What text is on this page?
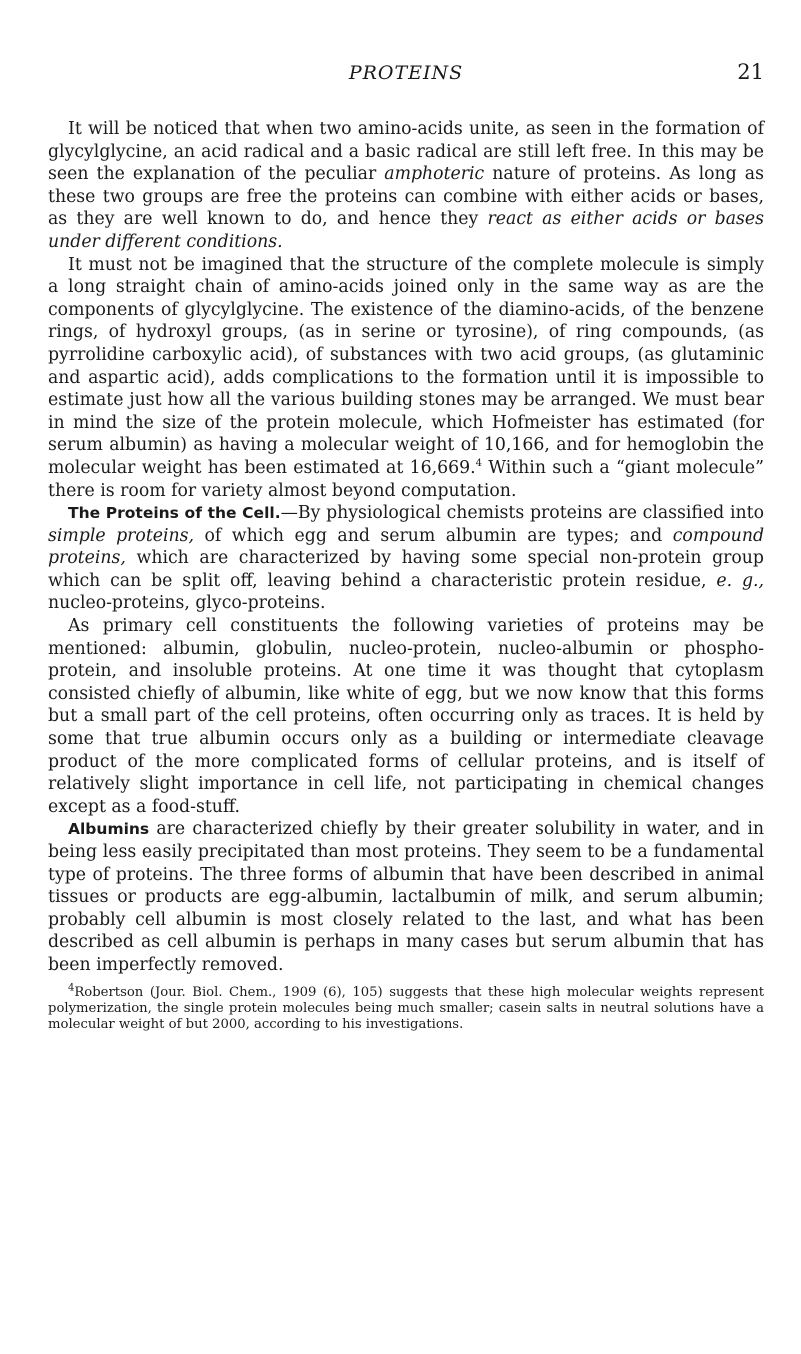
PROTEINS	21

It will be noticed that when two amino-acids unite, as seen in the formation of glycylglycine, an acid radical and a basic radical are still left free. In this may be seen the explanation of the peculiar amphoteric nature of proteins. As long as these two groups are free the proteins can combine with either acids or bases, as they are well known to do, and hence they react as either acids or bases under different conditions.

It must not be imagined that the structure of the complete molecule is simply a long straight chain of amino-acids joined only in the same way as are the components of glycylglycine. The existence of the diamino-acids, of the benzene rings, of hydroxyl groups, (as in serine or tyrosine), of ring compounds, (as pyrrolidine carboxylic acid), of substances with two acid groups, (as glutaminic and aspartic acid), adds complications to the formation until it is impossible to estimate just how all the various building stones may be arranged. We must bear in mind the size of the protein molecule, which Hofmeister has estimated (for serum albumin) as having a molecular weight of 10,166, and for hemoglobin the molecular weight has been estimated at 16,669.$^4$ Within such a “giant molecule” there is room for variety almost beyond computation.

The Proteins of the Cell.—By physiological chemists proteins are classified into simple proteins, of which egg and serum albumin are types; and compound proteins, which are characterized by having some special non-protein group which can be split off, leaving behind a characteristic protein residue, e. g., nucleo-proteins, glyco-proteins.

As primary cell constituents the following varieties of proteins may be mentioned: albumin, globulin, nucleo-protein, nucleo-albumin or phospho-protein, and insoluble proteins. At one time it was thought that cytoplasm consisted chiefly of albumin, like white of egg, but we now know that this forms but a small part of the cell proteins, often occurring only as traces. It is held by some that true albumin occurs only as a building or intermediate cleavage product of the more complicated forms of cellular proteins, and is itself of relatively slight importance in cell life, not participating in chemical changes except as a food-stuff.

Albumins are characterized chiefly by their greater solubility in water, and in being less easily precipitated than most proteins. They seem to be a fundamental type of proteins. The three forms of albumin that have been described in animal tissues or products are egg-albumin, lactalbumin of milk, and serum albumin; probably cell albumin is most closely related to the last, and what has been described as cell albumin is perhaps in many cases but serum albumin that has been imperfectly removed.

$^4$Robertson (Jour. Biol. Chem., 1909 (6), 105) suggests that these high molecular weights represent polymerization, the single protein molecules being much smaller; casein salts in neutral solutions have a molecular weight of but 2000, according to his investigations.
